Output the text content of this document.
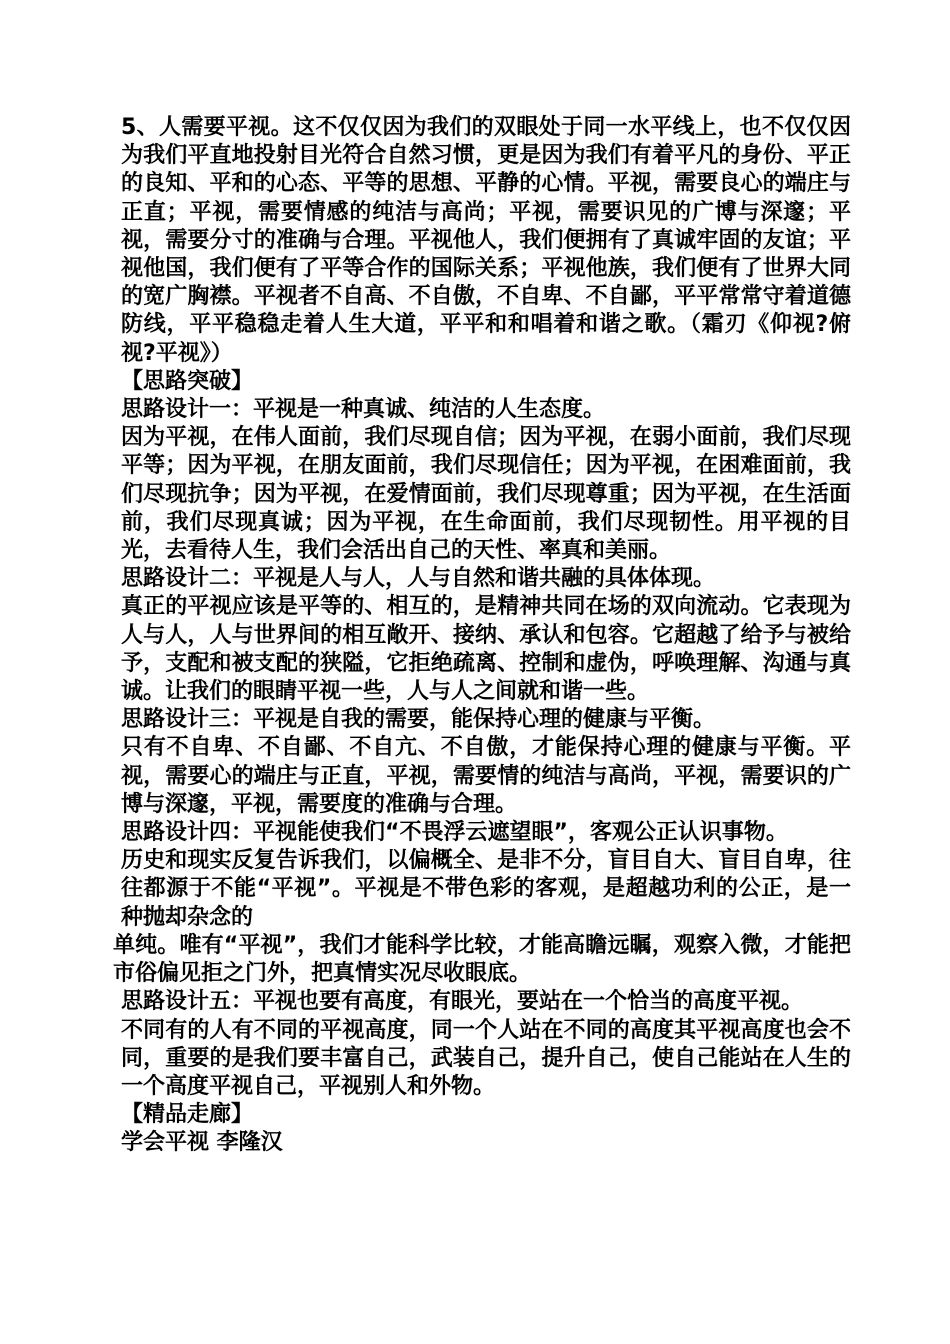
5、人需要平视。这不仅仅因为我们的双眼处于同一水平线上，也不仅仅因为我们平直地投射目光符合自然习惯，更是因为我们有着平凡的身份、平正的良知、平和的心态、平等的思想、平静的心情。平视，需要良心的端庄与正直；平视，需要情感的纯洁与高尚；平视，需要识见的广博与深邃；平视，需要分寸的准确与合理。平视他人，我们便拥有了真诚牢固的友谊；平视他国，我们便有了平等合作的国际关系；平视他族，我们便有了世界大同的宽广胸襟。平视者不自高、不自傲，不自卑、不自鄙，平平常常守着道德防线，平平稳稳走着人生大道，平平和和唱着和谐之歌。（霜刃《仰视?俯视?平视》）

【思路突破】

思路设计一：平视是一种真诚、纯洁的人生态度。

因为平视，在伟人面前，我们尽现自信；因为平视，在弱小面前，我们尽现平等；因为平视，在朋友面前，我们尽现信任；因为平视，在困难面前，我们尽现抗争；因为平视，在爱情面前，我们尽现尊重；因为平视，在生活面前，我们尽现真诚；因为平视，在生命面前，我们尽现韧性。用平视的目光，去看待人生，我们会活出自己的天性、率真和美丽。

思路设计二：平视是人与人，人与自然和谐共融的具体体现。

真正的平视应该是平等的、相互的，是精神共同在场的双向流动。它表现为人与人，人与世界间的相互敞开、接纳、承认和包容。它超越了给予与被给予，支配和被支配的狭隘，它拒绝疏离、控制和虚伪，呼唤理解、沟通与真诚。让我们的眼睛平视一些，人与人之间就和谐一些。

思路设计三：平视是自我的需要，能保持心理的健康与平衡。

只有不自卑、不自鄙、不自亢、不自傲，才能保持心理的健康与平衡。平视，需要心的端庄与正直，平视，需要情的纯洁与高尚，平视，需要识的广博与深邃，平视，需要度的准确与合理。

思路设计四：平视能使我们“不畏浮云遮望眼”，客观公正认识事物。

历史和现实反复告诉我们，以偏概全、是非不分，盲目自大、盲目自卑，往往都源于不能“平视”。平视是不带色彩的客观，是超越功利的公正，是一种抛却杂念的

单纯。唯有“平视”，我们才能科学比较，才能高瞻远瞩，观察入微，才能把市俗偏见拒之门外，把真情实况尽收眼底。

思路设计五：平视也要有高度，有眼光，要站在一个恰当的高度平视。

不同有的人有不同的平视高度，同一个人站在不同的高度其平视高度也会不同，重要的是我们要丰富自己，武装自己，提升自己，使自己能站在人生的一个高度平视自己，平视别人和外物。

【精品走廊】

学会平视 李隆汉
